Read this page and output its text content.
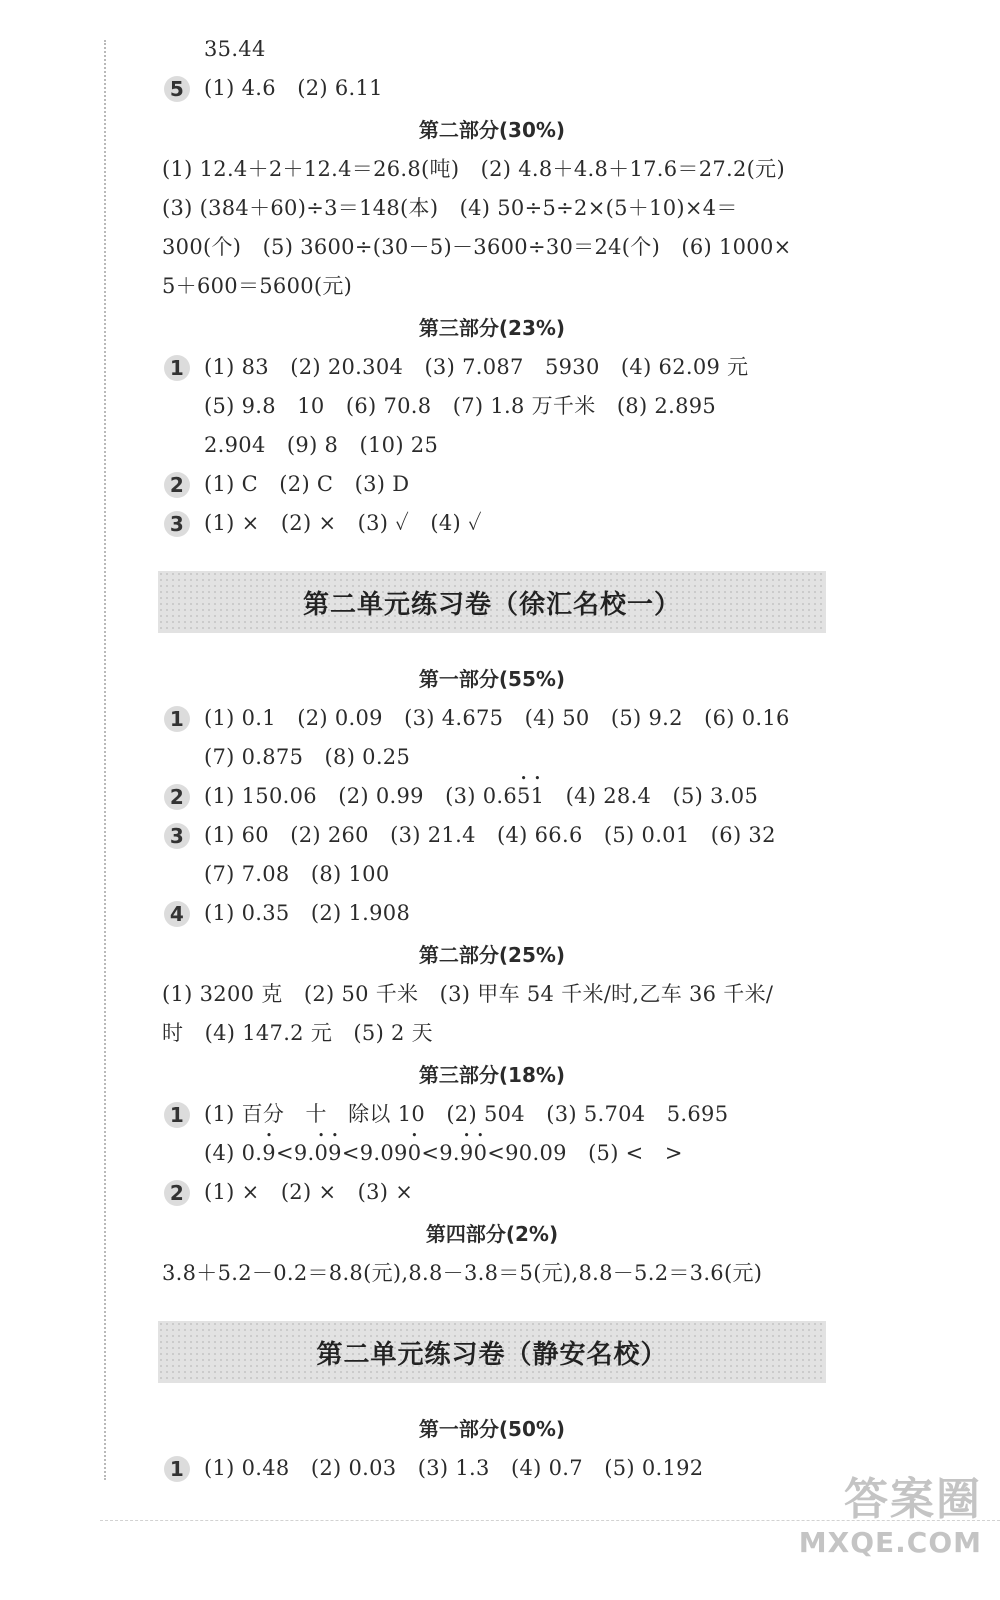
35.44
5 (1) 4.6　(2) 6.11
第二部分(30%)
(1) 12.4＋2＋12.4＝26.8(吨)　(2) 4.8＋4.8＋17.6＝27.2(元)
(3) (384＋60)÷3＝148(本)　(4) 50÷5÷2×(5＋10)×4＝
300(个)　(5) 3600÷(30－5)－3600÷30＝24(个)　(6) 1000×
5＋600＝5600(元)
第三部分(23%)
1 (1) 83　(2) 20.304　(3) 7.087　5930　(4) 62.09 元
(5) 9.8　10　(6) 70.8　(7) 1.8 万千米　(8) 2.895
2.904　(9) 8　(10) 25
2 (1) C　(2) C　(3) D
3 (1) ×　(2) ×　(3) ✓　(4) ✓
第二单元练习卷（徐汇名校一）
第一部分(55%)
1 (1) 0.1　(2) 0.09　(3) 4.675　(4) 50　(5) 9.2　(6) 0.16
(7) 0.875　(8) 0.25
2 (1) 150.06　(2) 0.99　(3) 0.6• 5• 1　(4) 28.4　(5) 3.05
3 (1) 60　(2) 260　(3) 21.4　(4) 66.6　(5) 0.01　(6) 32
(7) 7.08　(8) 100
4 (1) 0.35　(2) 1.908
第二部分(25%)
(1) 3200 克　(2) 50 千米　(3) 甲车 54 千米/时,乙车 36 千米/
时　(4) 147.2 元　(5) 2 天
第三部分(18%)
1 (1) 百分　十　除以 10　(2) 504　(3) 5.704　5.695
(4) 0.• 9<9.• 0• 9<9.09• 0<9.• 9• 0<90.09　(5) <　>
2 (1) ×　(2) ×　(3) ×
第四部分(2%)
3.8＋5.2－0.2＝8.8(元),8.8－3.8＝5(元),8.8－5.2＝3.6(元)
第二单元练习卷（静安名校）
第一部分(50%)
1 (1) 0.48　(2) 0.03　(3) 1.3　(4) 0.7　(5) 0.192
答案圈
MXQE.COM
